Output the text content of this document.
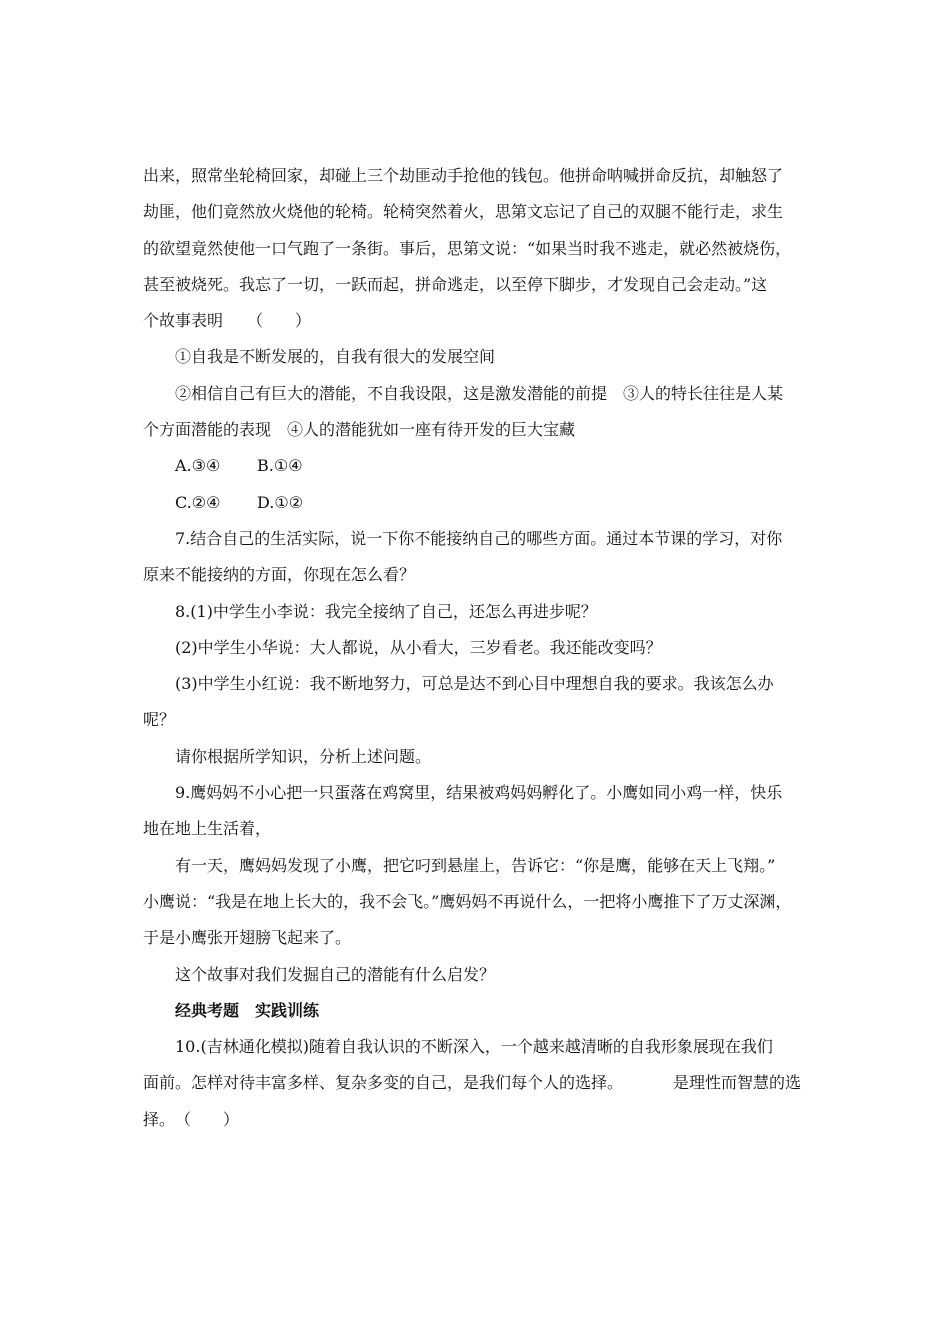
出来，照常坐轮椅回家，却碰上三个劫匪动手抢他的钱包。他拼命呐喊拼命反抗，却触怒了

劫匪，他们竟然放火烧他的轮椅。轮椅突然着火，思第文忘记了自己的双腿不能行走，求生

的欲望竟然使他一口气跑了一条街。事后，思第文说：“如果当时我不逃走，就必然被烧伤，

甚至被烧死。我忘了一切，一跃而起，拼命逃走，以至停下脚步，才发现自己会走动。”这

个故事表明　　（　　）

①自我是不断发展的，自我有很大的发展空间

②相信自己有巨大的潜能，不自我设限，这是激发潜能的前提　③人的特长往往是人某

个方面潜能的表现　④人的潜能犹如一座有待开发的巨大宝藏

A.③④ B.①④

C.②④ D.①②

7.结合自己的生活实际，说一下你不能接纳自己的哪些方面。通过本节课的学习，对你

原来不能接纳的方面，你现在怎么看？

8.(1)中学生小李说：我完全接纳了自己，还怎么再进步呢？

(2)中学生小华说：大人都说，从小看大，三岁看老。我还能改变吗？

(3)中学生小红说：我不断地努力，可总是达不到心目中理想自我的要求。我该怎么办

呢？

请你根据所学知识，分析上述问题。

9.鹰妈妈不小心把一只蛋落在鸡窝里，结果被鸡妈妈孵化了。小鹰如同小鸡一样，快乐

地在地上生活着，

有一天，鹰妈妈发现了小鹰，把它叼到悬崖上，告诉它：“你是鹰，能够在天上飞翔。”

小鹰说：“我是在地上长大的，我不会飞。”鹰妈妈不再说什么，一把将小鹰推下了万丈深渊，

于是小鹰张开翅膀飞起来了。

这个故事对我们发掘自己的潜能有什么启发？

经典考题　实践训练

10.(吉林通化模拟)随着自我认识的不断深入，一个越来越清晰的自我形象展现在我们

面前。怎样对待丰富多样、复杂多变的自己，是我们每个人的选择。	是理性而智慧的选

择。　（　　）
